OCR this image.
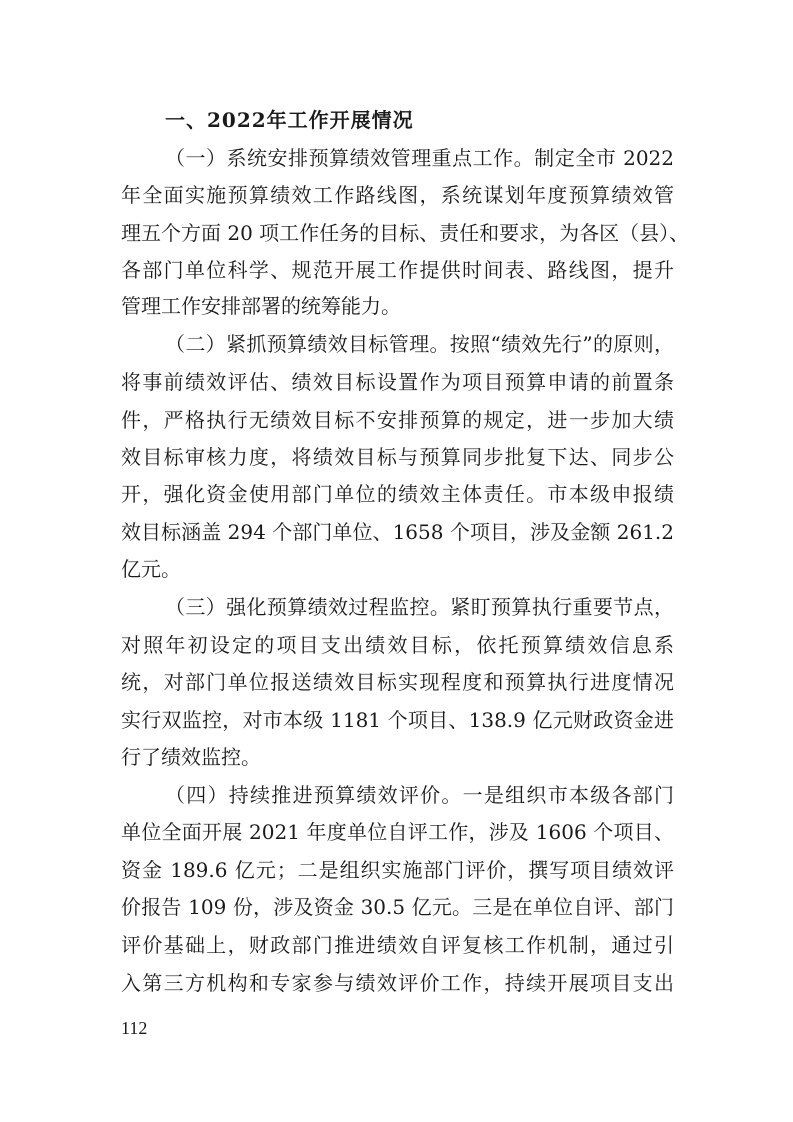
一、2022年工作开展情况
（一）系统安排预算绩效管理重点工作。制定全市 2022
年全面实施预算绩效工作路线图，系统谋划年度预算绩效管
理五个方面 20 项工作任务的目标、责任和要求，为各区（县）、
各部门单位科学、规范开展工作提供时间表、路线图，提升
管理工作安排部署的统筹能力。
（二）紧抓预算绩效目标管理。按照“绩效先行”的原则，
将事前绩效评估、绩效目标设置作为项目预算申请的前置条
件，严格执行无绩效目标不安排预算的规定，进一步加大绩
效目标审核力度，将绩效目标与预算同步批复下达、同步公
开，强化资金使用部门单位的绩效主体责任。市本级申报绩
效目标涵盖 294 个部门单位、1658 个项目，涉及金额 261.2
亿元。
（三）强化预算绩效过程监控。紧盯预算执行重要节点，
对照年初设定的项目支出绩效目标，依托预算绩效信息系
统，对部门单位报送绩效目标实现程度和预算执行进度情况
实行双监控，对市本级 1181 个项目、138.9 亿元财政资金进
行了绩效监控。
（四）持续推进预算绩效评价。一是组织市本级各部门
单位全面开展 2021 年度单位自评工作，涉及 1606 个项目、
资金 189.6 亿元；二是组织实施部门评价，撰写项目绩效评
价报告 109 份，涉及资金 30.5 亿元。三是在单位自评、部门
评价基础上，财政部门推进绩效自评复核工作机制，通过引
入第三方机构和专家参与绩效评价工作，持续开展项目支出
112
